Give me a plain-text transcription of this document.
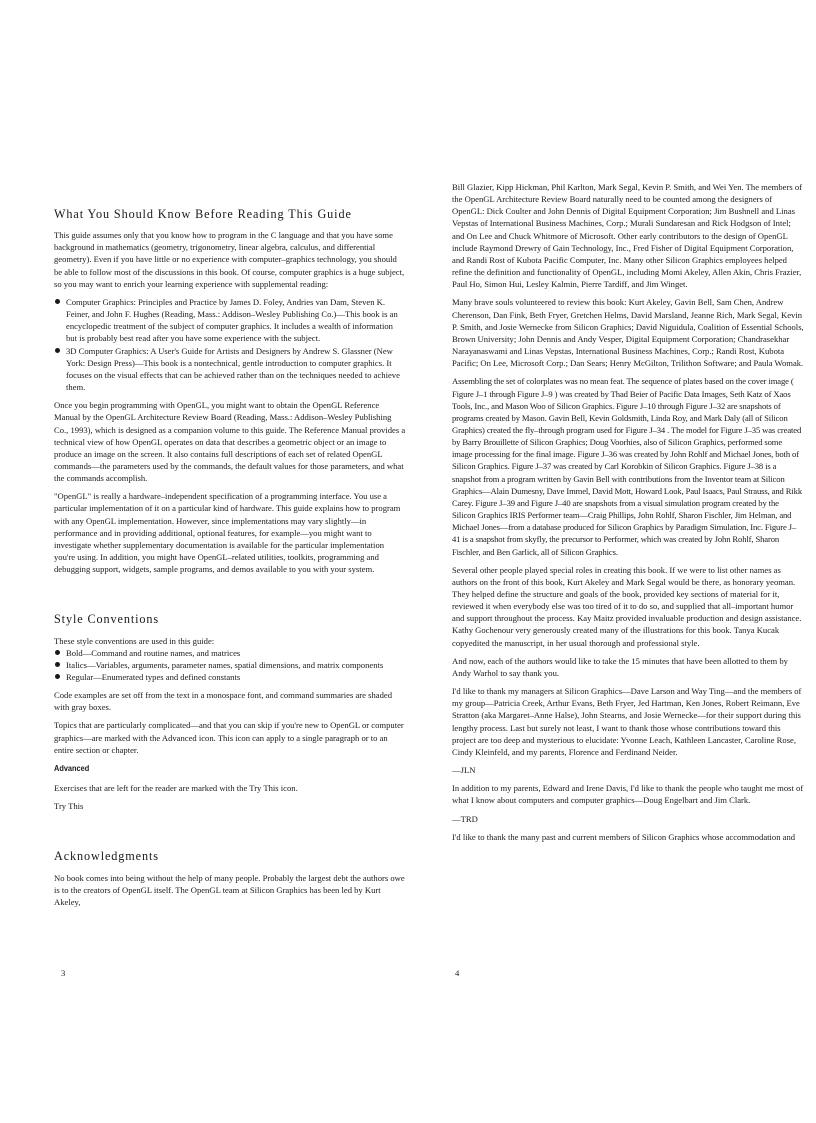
What You Should Know Before Reading This Guide

This guide assumes only that you know how to program in the C language and that you have some background in mathematics (geometry, trigonometry, linear algebra, calculus, and differential geometry). Even if you have little or no experience with computer–graphics technology, you should be able to follow most of the discussions in this book. Of course, computer graphics is a huge subject, so you may want to enrich your learning experience with supplemental reading:

Computer Graphics: Principles and Practice by James D. Foley, Andries van Dam, Steven K. Feiner, and John F. Hughes (Reading, Mass.: Addison–Wesley Publishing Co.)—This book is an encyclopedic treatment of the subject of computer graphics. It includes a wealth of information but is probably best read after you have some experience with the subject.
3D Computer Graphics: A User's Guide for Artists and Designers by Andrew S. Glassner (New York: Design Press)—This book is a nontechnical, gentle introduction to computer graphics. It focuses on the visual effects that can be achieved rather than on the techniques needed to achieve them.

Once you begin programming with OpenGL, you might want to obtain the OpenGL Reference Manual by the OpenGL Architecture Review Board (Reading, Mass.: Addison–Wesley Publishing Co., 1993), which is designed as a companion volume to this guide. The Reference Manual provides a technical view of how OpenGL operates on data that describes a geometric object or an image to produce an image on the screen. It also contains full descriptions of each set of related OpenGL commands—the parameters used by the commands, the default values for those parameters, and what the commands accomplish.

"OpenGL" is really a hardware–independent specification of a programming interface. You use a particular implementation of it on a particular kind of hardware. This guide explains how to program with any OpenGL implementation. However, since implementations may vary slightly—in performance and in providing additional, optional features, for example—you might want to investigate whether supplementary documentation is available for the particular implementation you're using. In addition, you might have OpenGL–related utilities, toolkits, programming and debugging support, widgets, sample programs, and demos available to you with your system.

Style Conventions

These style conventions are used in this guide:

Bold—Command and routine names, and matrices
Italics—Variables, arguments, parameter names, spatial dimensions, and matrix components
Regular—Enumerated types and defined constants

Code examples are set off from the text in a monospace font, and command summaries are shaded with gray boxes.

Topics that are particularly complicated—and that you can skip if you're new to OpenGL or computer graphics—are marked with the Advanced icon. This icon can apply to a single paragraph or to an entire section or chapter.

Advanced

Exercises that are left for the reader are marked with the Try This icon.

Try This

Acknowledgments

No book comes into being without the help of many people. Probably the largest debt the authors owe is to the creators of OpenGL itself. The OpenGL team at Silicon Graphics has been led by Kurt Akeley,

3

Bill Glazier, Kipp Hickman, Phil Karlton, Mark Segal, Kevin P. Smith, and Wei Yen. The members of the OpenGL Architecture Review Board naturally need to be counted among the designers of OpenGL: Dick Coulter and John Dennis of Digital Equipment Corporation; Jim Bushnell and Linas Vepstas of International Business Machines, Corp.; Murali Sundaresan and Rick Hodgson of Intel; and On Lee and Chuck Whitmore of Microsoft. Other early contributors to the design of OpenGL include Raymond Drewry of Gain Technology, Inc., Fred Fisher of Digital Equipment Corporation, and Randi Rost of Kubota Pacific Computer, Inc. Many other Silicon Graphics employees helped refine the definition and functionality of OpenGL, including Momi Akeley, Allen Akin, Chris Frazier, Paul Ho, Simon Hui, Lesley Kalmin, Pierre Tardiff, and Jim Winget.

Many brave souls volunteered to review this book: Kurt Akeley, Gavin Bell, Sam Chen, Andrew Cherenson, Dan Fink, Beth Fryer, Gretchen Helms, David Marsland, Jeanne Rich, Mark Segal, Kevin P. Smith, and Josie Wernecke from Silicon Graphics; David Niguidula, Coalition of Essential Schools, Brown University; John Dennis and Andy Vesper, Digital Equipment Corporation; Chandrasekhar Narayanaswami and Linas Vepstas, International Business Machines, Corp.; Randi Rost, Kubota Pacific; On Lee, Microsoft Corp.; Dan Sears; Henry McGilton, Trilithon Software; and Paula Womak.

Assembling the set of colorplates was no mean feat. The sequence of plates based on the cover image ( Figure J–1 through Figure J–9 ) was created by Thad Beier of Pacific Data Images, Seth Katz of Xaos Tools, Inc., and Mason Woo of Silicon Graphics. Figure J–10 through Figure J–32 are snapshots of programs created by Mason. Gavin Bell, Kevin Goldsmith, Linda Roy, and Mark Daly (all of Silicon Graphics) created the fly–through program used for Figure J–34 . The model for Figure J–35 was created by Barry Brouillette of Silicon Graphics; Doug Voorhies, also of Silicon Graphics, performed some image processing for the final image. Figure J–36 was created by John Rohlf and Michael Jones, both of Silicon Graphics. Figure J–37 was created by Carl Korobkin of Silicon Graphics. Figure J–38 is a snapshot from a program written by Gavin Bell with contributions from the Inventor team at Silicon Graphics—Alain Dumesny, Dave Immel, David Mott, Howard Look, Paul Isaacs, Paul Strauss, and Rikk Carey. Figure J–39 and Figure J–40 are snapshots from a visual simulation program created by the Silicon Graphics IRIS Performer team—Craig Phillips, John Rohlf, Sharon Fischler, Jim Helman, and Michael Jones—from a database produced for Silicon Graphics by Paradigm Simulation, Inc. Figure J–41 is a snapshot from skyfly, the precursor to Performer, which was created by John Rohlf, Sharon Fischler, and Ben Garlick, all of Silicon Graphics.

Several other people played special roles in creating this book. If we were to list other names as authors on the front of this book, Kurt Akeley and Mark Segal would be there, as honorary yeoman. They helped define the structure and goals of the book, provided key sections of material for it, reviewed it when everybody else was too tired of it to do so, and supplied that all–important humor and support throughout the process. Kay Maitz provided invaluable production and design assistance. Kathy Gochenour very generously created many of the illustrations for this book. Tanya Kucak copyedited the manuscript, in her usual thorough and professional style.

And now, each of the authors would like to take the 15 minutes that have been allotted to them by Andy Warhol to say thank you.

I'd like to thank my managers at Silicon Graphics—Dave Larson and Way Ting—and the members of my group—Patricia Creek, Arthur Evans, Beth Fryer, Jed Hartman, Ken Jones, Robert Reimann, Eve Stratton (aka Margaret–Anne Halse), John Stearns, and Josie Wernecke—for their support during this lengthy process. Last but surely not least, I want to thank those whose contributions toward this project are too deep and mysterious to elucidate: Yvonne Leach, Kathleen Lancaster, Caroline Rose, Cindy Kleinfeld, and my parents, Florence and Ferdinand Neider.

—JLN

In addition to my parents, Edward and Irene Davis, I'd like to thank the people who taught me most of what I know about computers and computer graphics—Doug Engelbart and Jim Clark.

—TRD

I'd like to thank the many past and current members of Silicon Graphics whose accommodation and

4
